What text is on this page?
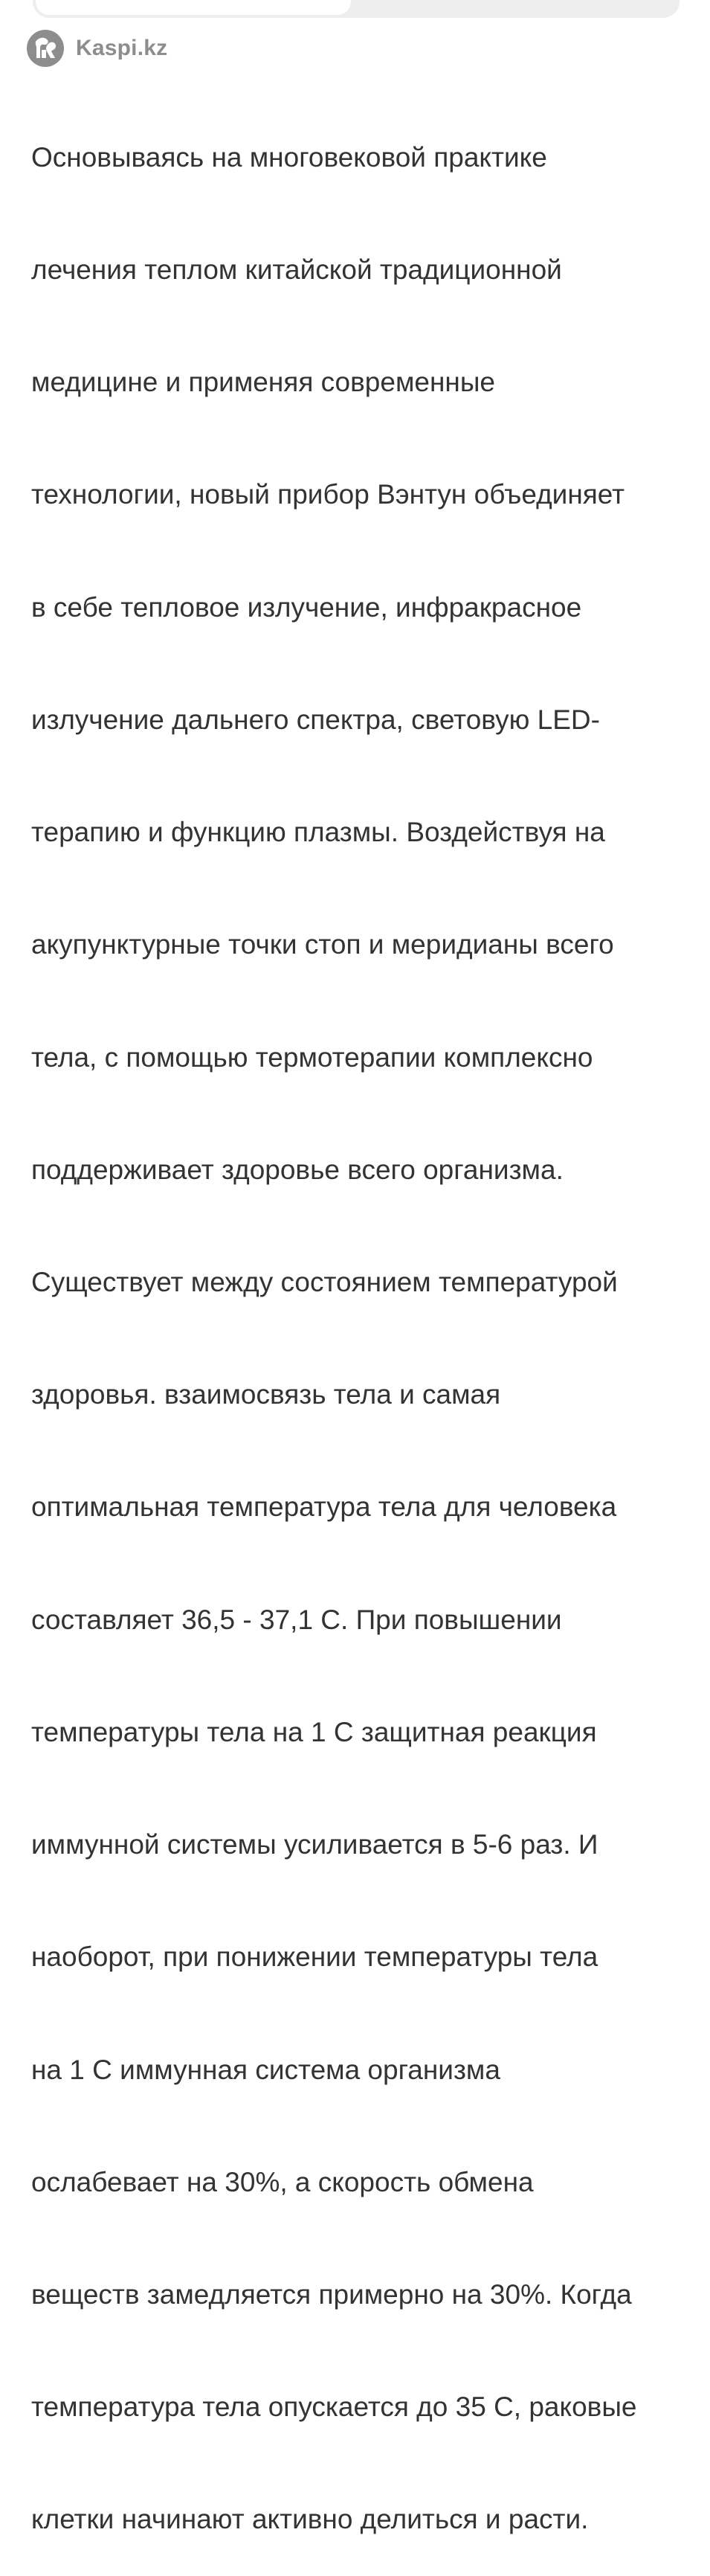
Kaspi.kz

Основываясь на многовековой практике

лечения теплом китайской традиционной

медицине и применяя современные

технологии, новый прибор Вэнтун объединяет

в себе тепловое излучение, инфракрасное

излучение дальнего спектра, световую LED-

терапию и функцию плазмы. Воздействуя на

акупунктурные точки стоп и меридианы всего

тела, с помощью термотерапии комплексно

поддерживает здоровье всего организма.

Существует между состоянием температурой

здоровья. взаимосвязь тела и самая

оптимальная температура тела для человека

составляет 36,5 - 37,1 С. При повышении

температуры тела на 1 С защитная реакция

иммунной системы усиливается в 5-6 раз. И

наоборот, при понижении температуры тела

на 1 С иммунная система организма

ослабевает на 30%, а скорость обмена

веществ замедляется примерно на 30%. Когда

температура тела опускается до 35 С, раковые

клетки начинают активно делиться и расти.
